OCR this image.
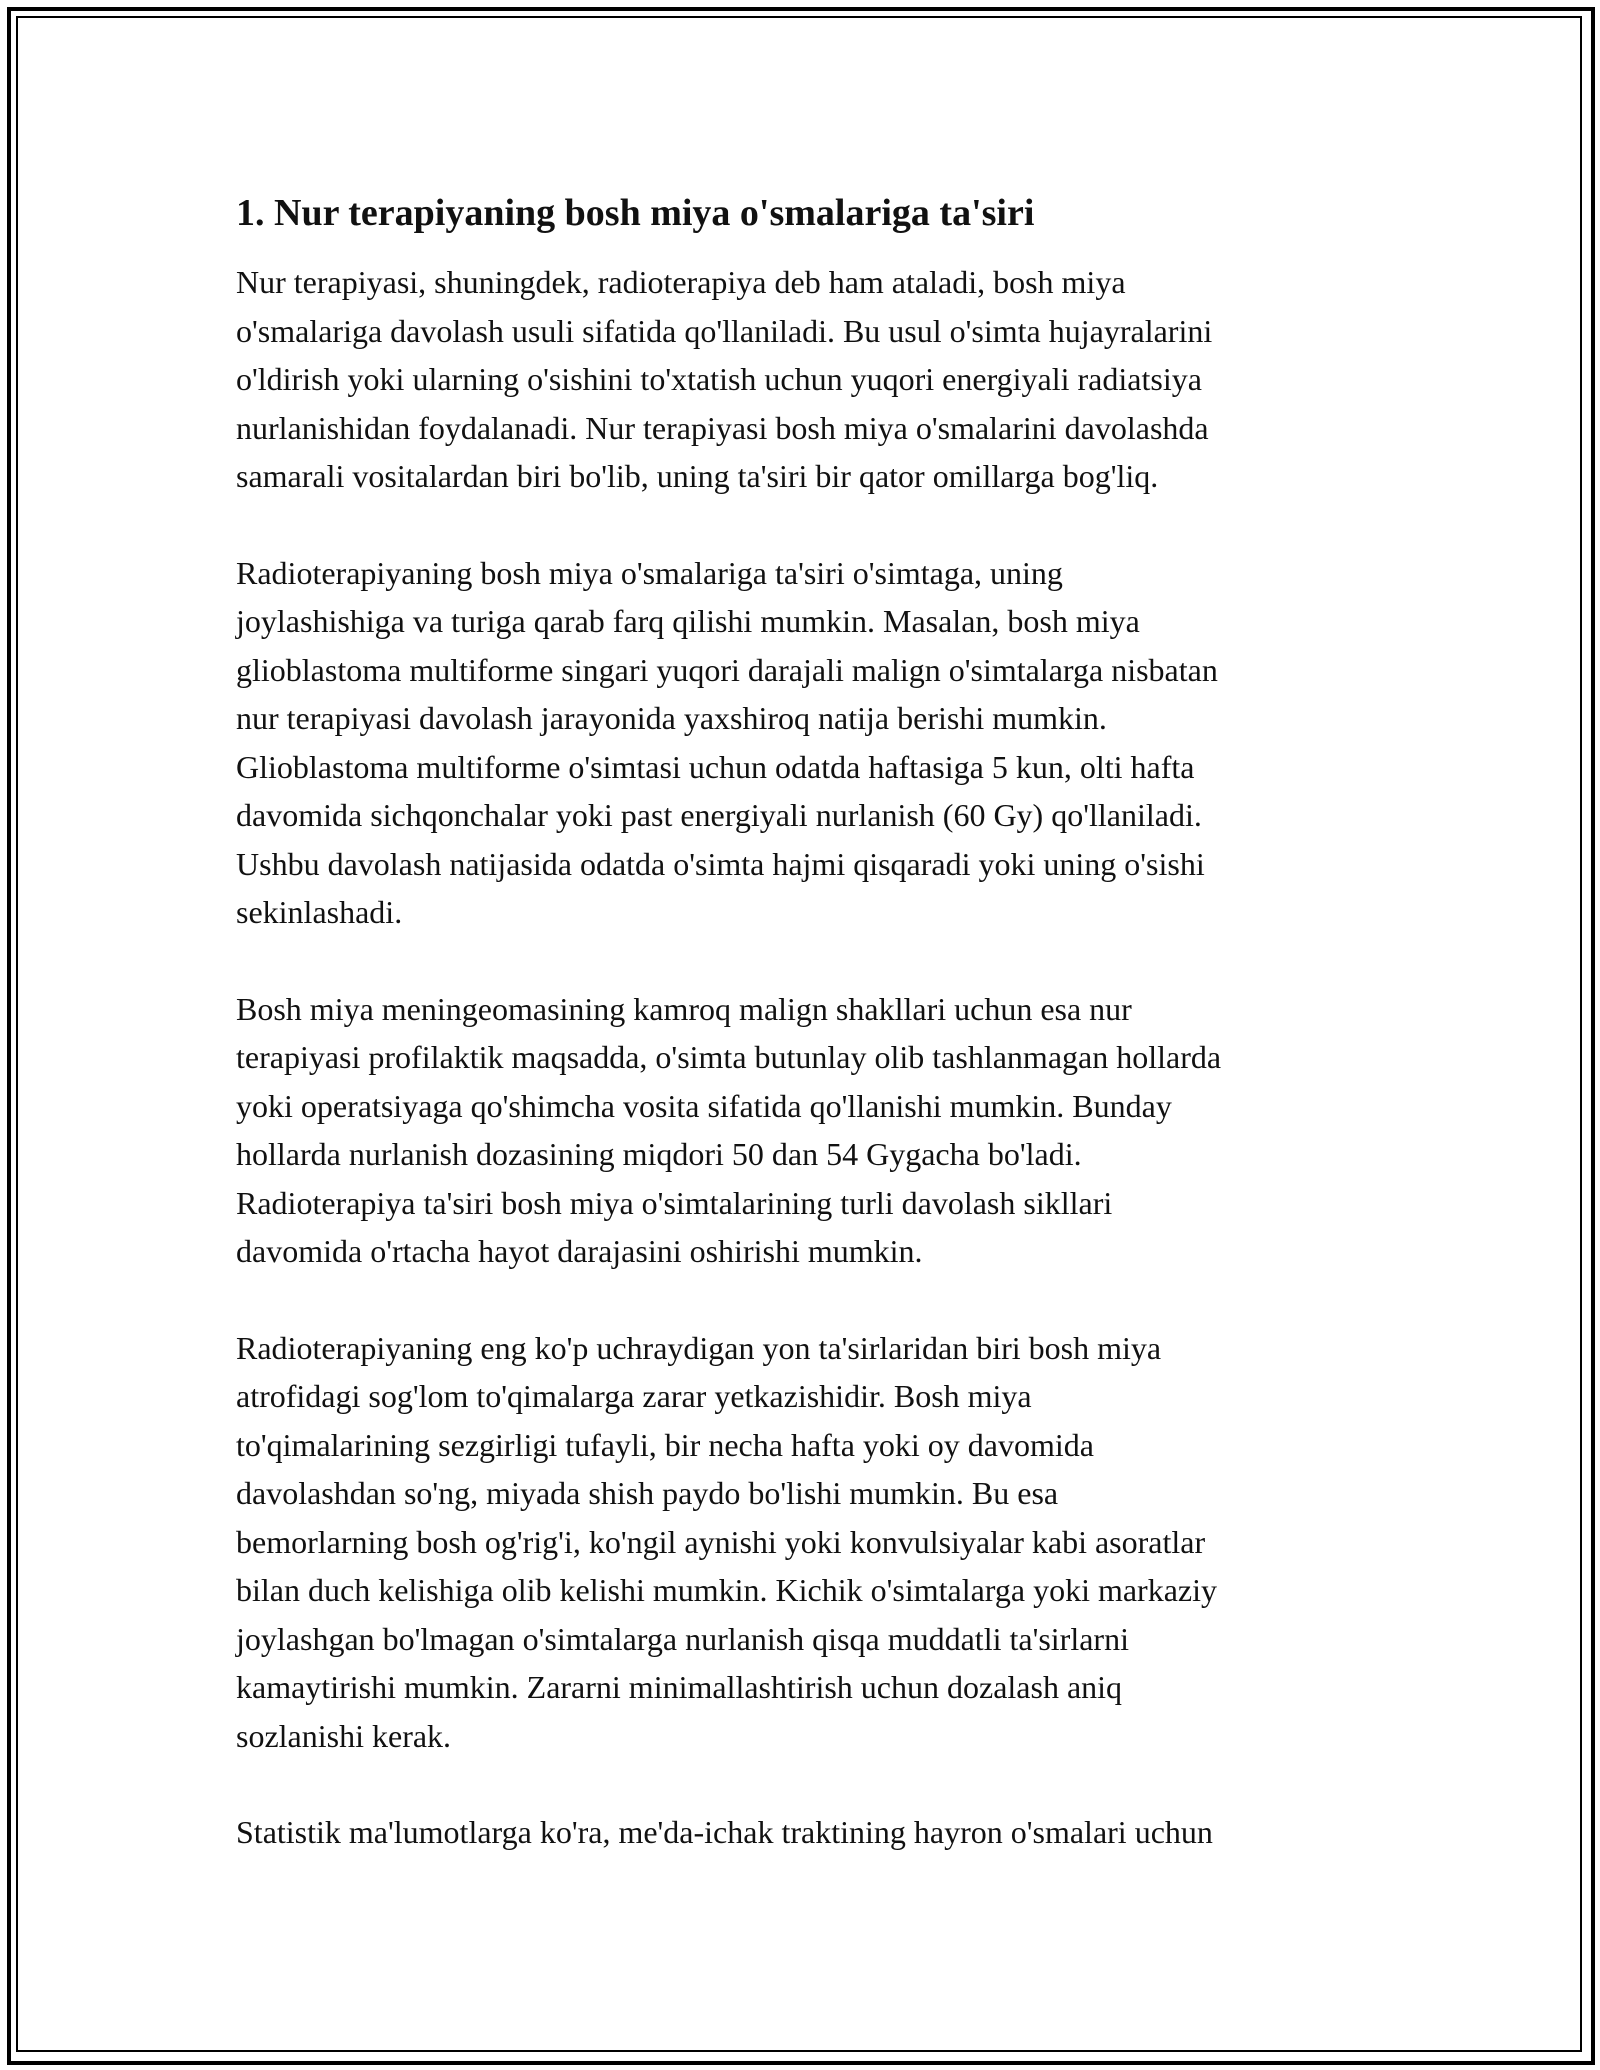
1. Nur terapiyaning bosh miya o'smalariga ta'siri

Nur terapiyasi, shuningdek, radioterapiya deb ham ataladi, bosh miya
o'smalariga davolash usuli sifatida qo'llaniladi. Bu usul o'simta hujayralarini
o'ldirish yoki ularning o'sishini to'xtatish uchun yuqori energiyali radiatsiya
nurlanishidan foydalanadi. Nur terapiyasi bosh miya o'smalarini davolashda
samarali vositalardan biri bo'lib, uning ta'siri bir qator omillarga bog'liq.

Radioterapiyaning bosh miya o'smalariga ta'siri o'simtaga, uning
joylashishiga va turiga qarab farq qilishi mumkin. Masalan, bosh miya
glioblastoma multiforme singari yuqori darajali malign o'simtalarga nisbatan
nur terapiyasi davolash jarayonida yaxshiroq natija berishi mumkin.
Glioblastoma multiforme o'simtasi uchun odatda haftasiga 5 kun, olti hafta
davomida sichqonchalar yoki past energiyali nurlanish (60 Gy) qo'llaniladi.
Ushbu davolash natijasida odatda o'simta hajmi qisqaradi yoki uning o'sishi
sekinlashadi.

Bosh miya meningeomasining kamroq malign shakllari uchun esa nur
terapiyasi profilaktik maqsadda, o'simta butunlay olib tashlanmagan hollarda
yoki operatsiyaga qo'shimcha vosita sifatida qo'llanishi mumkin. Bunday
hollarda nurlanish dozasining miqdori 50 dan 54 Gygacha bo'ladi.
Radioterapiya ta'siri bosh miya o'simtalarining turli davolash sikllari
davomida o'rtacha hayot darajasini oshirishi mumkin.

Radioterapiyaning eng ko'p uchraydigan yon ta'sirlaridan biri bosh miya
atrofidagi sog'lom to'qimalarga zarar yetkazishidir. Bosh miya
to'qimalarining sezgirligi tufayli, bir necha hafta yoki oy davomida
davolashdan so'ng, miyada shish paydo bo'lishi mumkin. Bu esa
bemorlarning bosh og'rig'i, ko'ngil aynishi yoki konvulsiyalar kabi asoratlar
bilan duch kelishiga olib kelishi mumkin. Kichik o'simtalarga yoki markaziy
joylashgan bo'lmagan o'simtalarga nurlanish qisqa muddatli ta'sirlarni
kamaytirishi mumkin. Zararni minimallashtirish uchun dozalash aniq
sozlanishi kerak.

Statistik ma'lumotlarga ko'ra, me'da-ichak traktining hayron o'smalari uchun
